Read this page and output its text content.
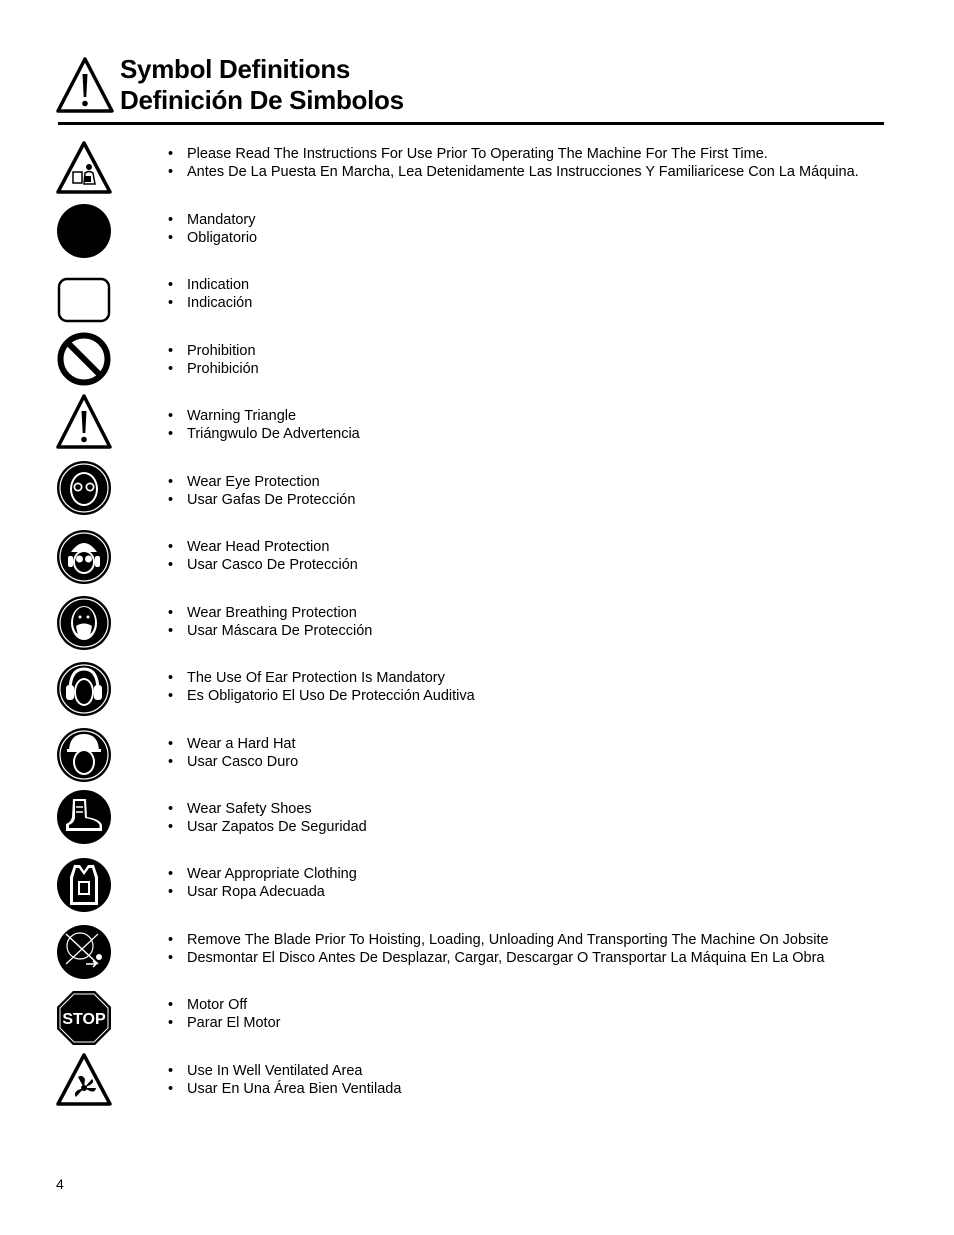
Symbol Definitions
Definición De Simbolos
• Please Read The Instructions For Use Prior To Operating The Machine For The First Time.
• Antes De La Puesta En Marcha, Lea Detenidamente Las Instrucciones Y Familiaricese Con La Máquina.
• Mandatory
• Obligatorio
• Indication
• Indicación
• Prohibition
• Prohibición
• Warning Triangle
• Triángwulo De Advertencia
• Wear Eye Protection
• Usar Gafas De Protección
• Wear Head Protection
• Usar Casco De Protección
• Wear Breathing Protection
• Usar Máscara De Protección
• The Use Of Ear Protection Is Mandatory
• Es Obligatorio El Uso De Protección Auditiva
• Wear a Hard Hat
• Usar Casco Duro
• Wear Safety Shoes
• Usar Zapatos De Seguridad
• Wear Appropriate Clothing
• Usar Ropa Adecuada
• Remove The Blade Prior To Hoisting, Loading, Unloading And Transporting The Machine On Jobsite
• Desmontar El Disco Antes De Desplazar, Cargar, Descargar O Transportar La Máquina En La Obra
STOP
• Motor Off
• Parar El Motor
• Use In Well Ventilated Area
• Usar En Una Área Bien Ventilada
4
